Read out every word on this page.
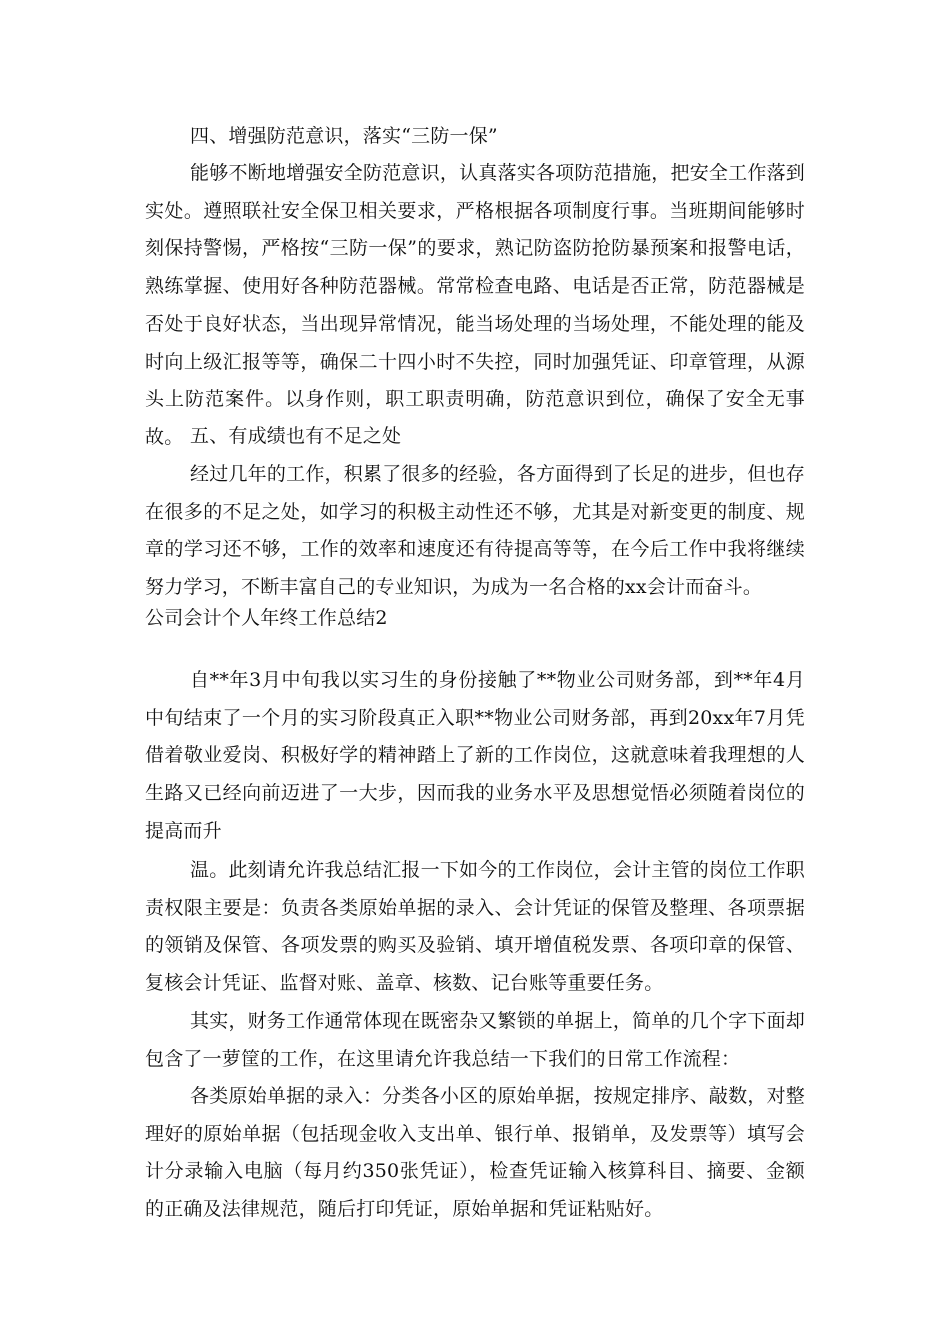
四、增强防范意识，落实“三防一保”

能够不断地增强安全防范意识，认真落实各项防范措施，把安全工作落到实处。遵照联社安全保卫相关要求，严格根据各项制度行事。当班期间能够时刻保持警惕，严格按“三防一保”的要求，熟记防盗防抢防暴预案和报警电话，熟练掌握、使用好各种防范器械。常常检查电路、电话是否正常，防范器械是否处于良好状态，当出现异常情况，能当场处理的当场处理，不能处理的能及时向上级汇报等等，确保二十四小时不失控，同时加强凭证、印章管理，从源头上防范案件。以身作则，职工职责明确，防范意识到位，确保了安全无事故。 五、有成绩也有不足之处

经过几年的工作，积累了很多的经验，各方面得到了长足的进步，但也存在很多的不足之处，如学习的积极主动性还不够，尤其是对新变更的制度、规章的学习还不够，工作的效率和速度还有待提高等等，在今后工作中我将继续努力学习，不断丰富自己的专业知识，为成为一名合格的xx会计而奋斗。

公司会计个人年终工作总结2

自**年3月中旬我以实习生的身份接触了**物业公司财务部，到**年4月中旬结束了一个月的实习阶段真正入职**物业公司财务部，再到20xx年7月凭借着敬业爱岗、积极好学的精神踏上了新的工作岗位，这就意味着我理想的人生路又已经向前迈进了一大步，因而我的业务水平及思想觉悟必须随着岗位的提高而升

温。此刻请允许我总结汇报一下如今的工作岗位，会计主管的岗位工作职责权限主要是：负责各类原始单据的录入、会计凭证的保管及整理、各项票据的领销及保管、各项发票的购买及验销、填开增值税发票、各项印章的保管、复核会计凭证、监督对账、盖章、核数、记台账等重要任务。

其实，财务工作通常体现在既密杂又繁锁的单据上，简单的几个字下面却包含了一萝筐的工作，在这里请允许我总结一下我们的日常工作流程：

各类原始单据的录入：分类各小区的原始单据，按规定排序、敲数，对整理好的原始单据（包括现金收入支出单、银行单、报销单，及发票等）填写会计分录输入电脑（每月约350张凭证），检查凭证输入核算科目、摘要、金额的正确及法律规范，随后打印凭证，原始单据和凭证粘贴好。
